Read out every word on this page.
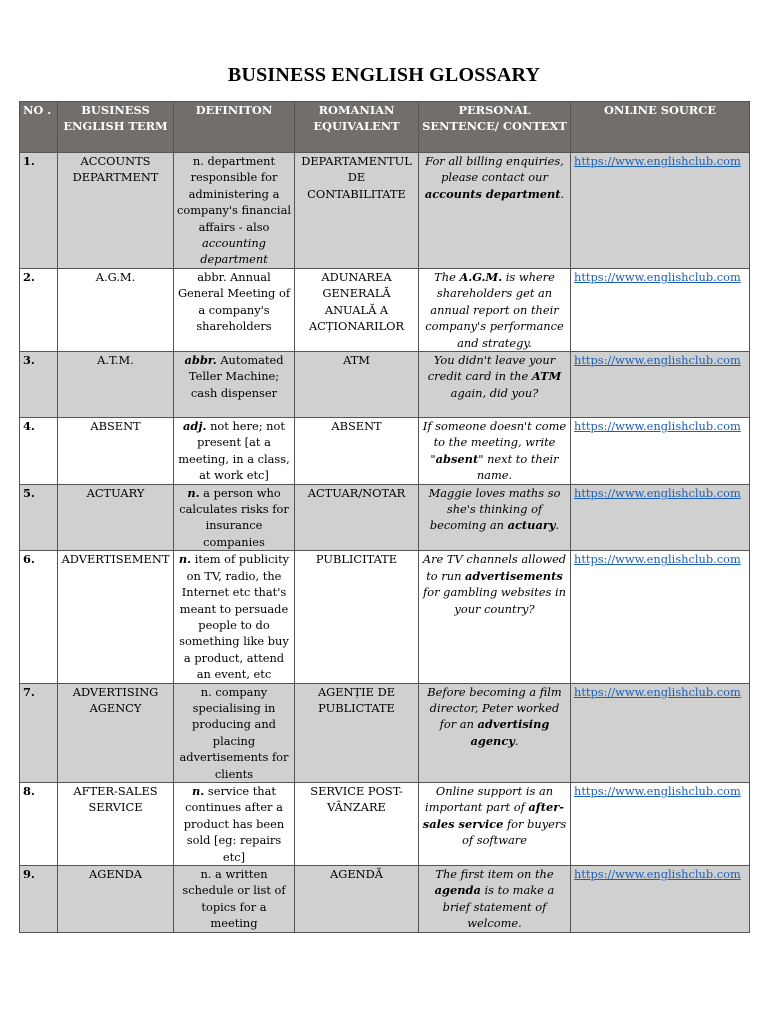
BUSINESS ENGLISH GLOSSARY
NO .	BUSINESS ENGLISH TERM	DEFINITON	ROMANIAN EQUIVALENT	PERSONAL SENTENCE/ CONTEXT	ONLINE SOURCE
1.	ACCOUNTS DEPARTMENT	n. department responsible for administering a company's financial affairs - also accounting department	DEPARTAMENTUL DE CONTABILITATE	For all billing enquiries, please contact our accounts department.	https://www.englishclub.com
2.	A.G.M.	abbr. Annual General Meeting of a company's shareholders	ADUNAREA GENERALĂ ANUALĂ A ACȚIONARILOR	The A.G.M. is where shareholders get an annual report on their company's performance and strategy.	https://www.englishclub.com
3.	A.T.M.	abbr. Automated Teller Machine; cash dispenser	ATM	You didn't leave your credit card in the ATM again, did you?	https://www.englishclub.com
4.	ABSENT	adj. not here; not present [at a meeting, in a class, at work etc]	ABSENT	If someone doesn't come to the meeting, write "absent" next to their name.	https://www.englishclub.com
5.	ACTUARY	n. a person who calculates risks for insurance companies	ACTUAR/NOTAR	Maggie loves maths so she's thinking of becoming an actuary.	https://www.englishclub.com
6.	ADVERTISEMENT	n. item of publicity on TV, radio, the Internet etc that's meant to persuade people to do something like buy a product, attend an event, etc	PUBLICITATE	Are TV channels allowed to run advertisements for gambling websites in your country?	https://www.englishclub.com
7.	ADVERTISING AGENCY	n. company specialising in producing and placing advertisements for clients	AGENȚIE DE PUBLICTATE	Before becoming a film director, Peter worked for an advertising agency.	https://www.englishclub.com
8.	AFTER-SALES SERVICE	n. service that continues after a product has been sold [eg: repairs etc]	SERVICE POST-VÂNZARE	Online support is an important part of after-sales service for buyers of software	https://www.englishclub.com
9.	AGENDA	n. a written schedule or list of topics for a meeting	AGENDĂ	The first item on the agenda is to make a brief statement of welcome.	https://www.englishclub.com
